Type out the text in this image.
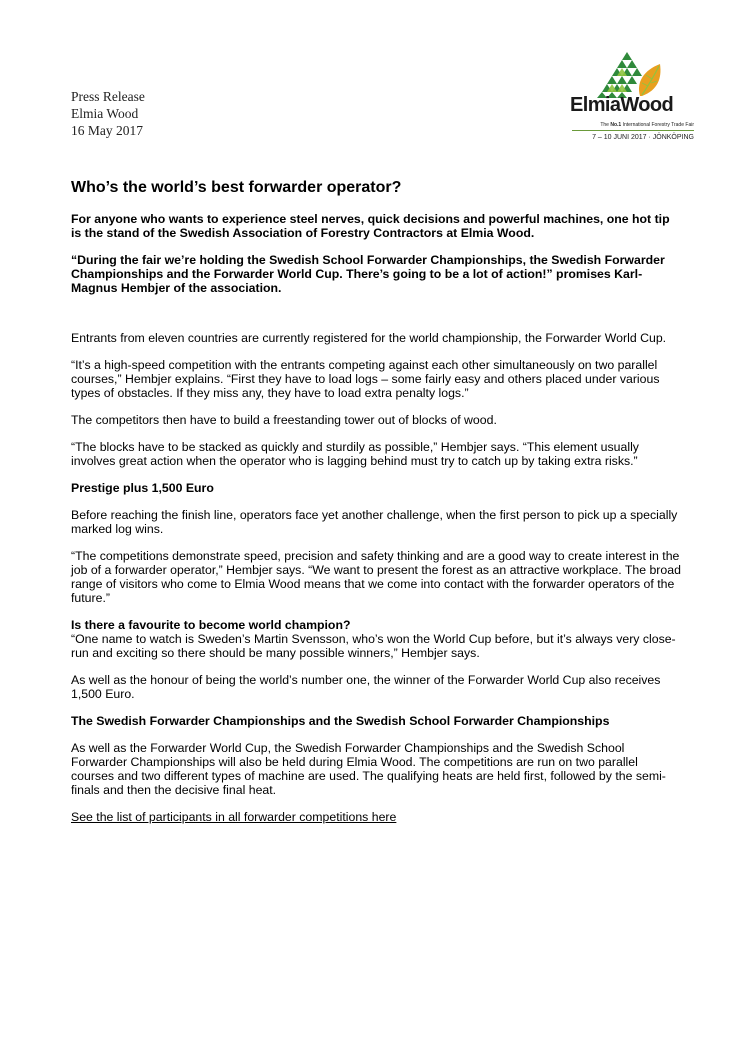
Press Release
Elmia Wood
16 May 2017
ElmiaWood
The No.1 International Forestry Trade Fair
7 – 10 JUNI 2017 · JÖNKÖPING
Who’s the world’s best forwarder operator?

For anyone who wants to experience steel nerves, quick decisions and powerful machines, one hot tip is the stand of the Swedish Association of Forestry Contractors at Elmia Wood.

“During the fair we’re holding the Swedish School Forwarder Championships, the Swedish Forwarder Championships and the Forwarder World Cup. There’s going to be a lot of action!” promises Karl-Magnus Hembjer of the association.

Entrants from eleven countries are currently registered for the world championship, the Forwarder World Cup.

“It’s a high-speed competition with the entrants competing against each other simultaneously on two parallel courses,” Hembjer explains. “First they have to load logs – some fairly easy and others placed under various types of obstacles. If they miss any, they have to load extra penalty logs.”

The competitors then have to build a freestanding tower out of blocks of wood.

“The blocks have to be stacked as quickly and sturdily as possible,” Hembjer says. “This element usually involves great action when the operator who is lagging behind must try to catch up by taking extra risks.”

Prestige plus 1,500 Euro

Before reaching the finish line, operators face yet another challenge, when the first person to pick up a specially marked log wins.

“The competitions demonstrate speed, precision and safety thinking and are a good way to create interest in the job of a forwarder operator,” Hembjer says. “We want to present the forest as an attractive workplace. The broad range of visitors who come to Elmia Wood means that we come into contact with the forwarder operators of the future.”

Is there a favourite to become world champion?
“One name to watch is Sweden’s Martin Svensson, who’s won the World Cup before, but it’s always very close-run and exciting so there should be many possible winners,” Hembjer says.

As well as the honour of being the world’s number one, the winner of the Forwarder World Cup also receives 1,500 Euro.

The Swedish Forwarder Championships and the Swedish School Forwarder Championships

As well as the Forwarder World Cup, the Swedish Forwarder Championships and the Swedish School Forwarder Championships will also be held during Elmia Wood. The competitions are run on two parallel courses and two different types of machine are used. The qualifying heats are held first, followed by the semi-finals and then the decisive final heat.

See the list of participants in all forwarder competitions here
